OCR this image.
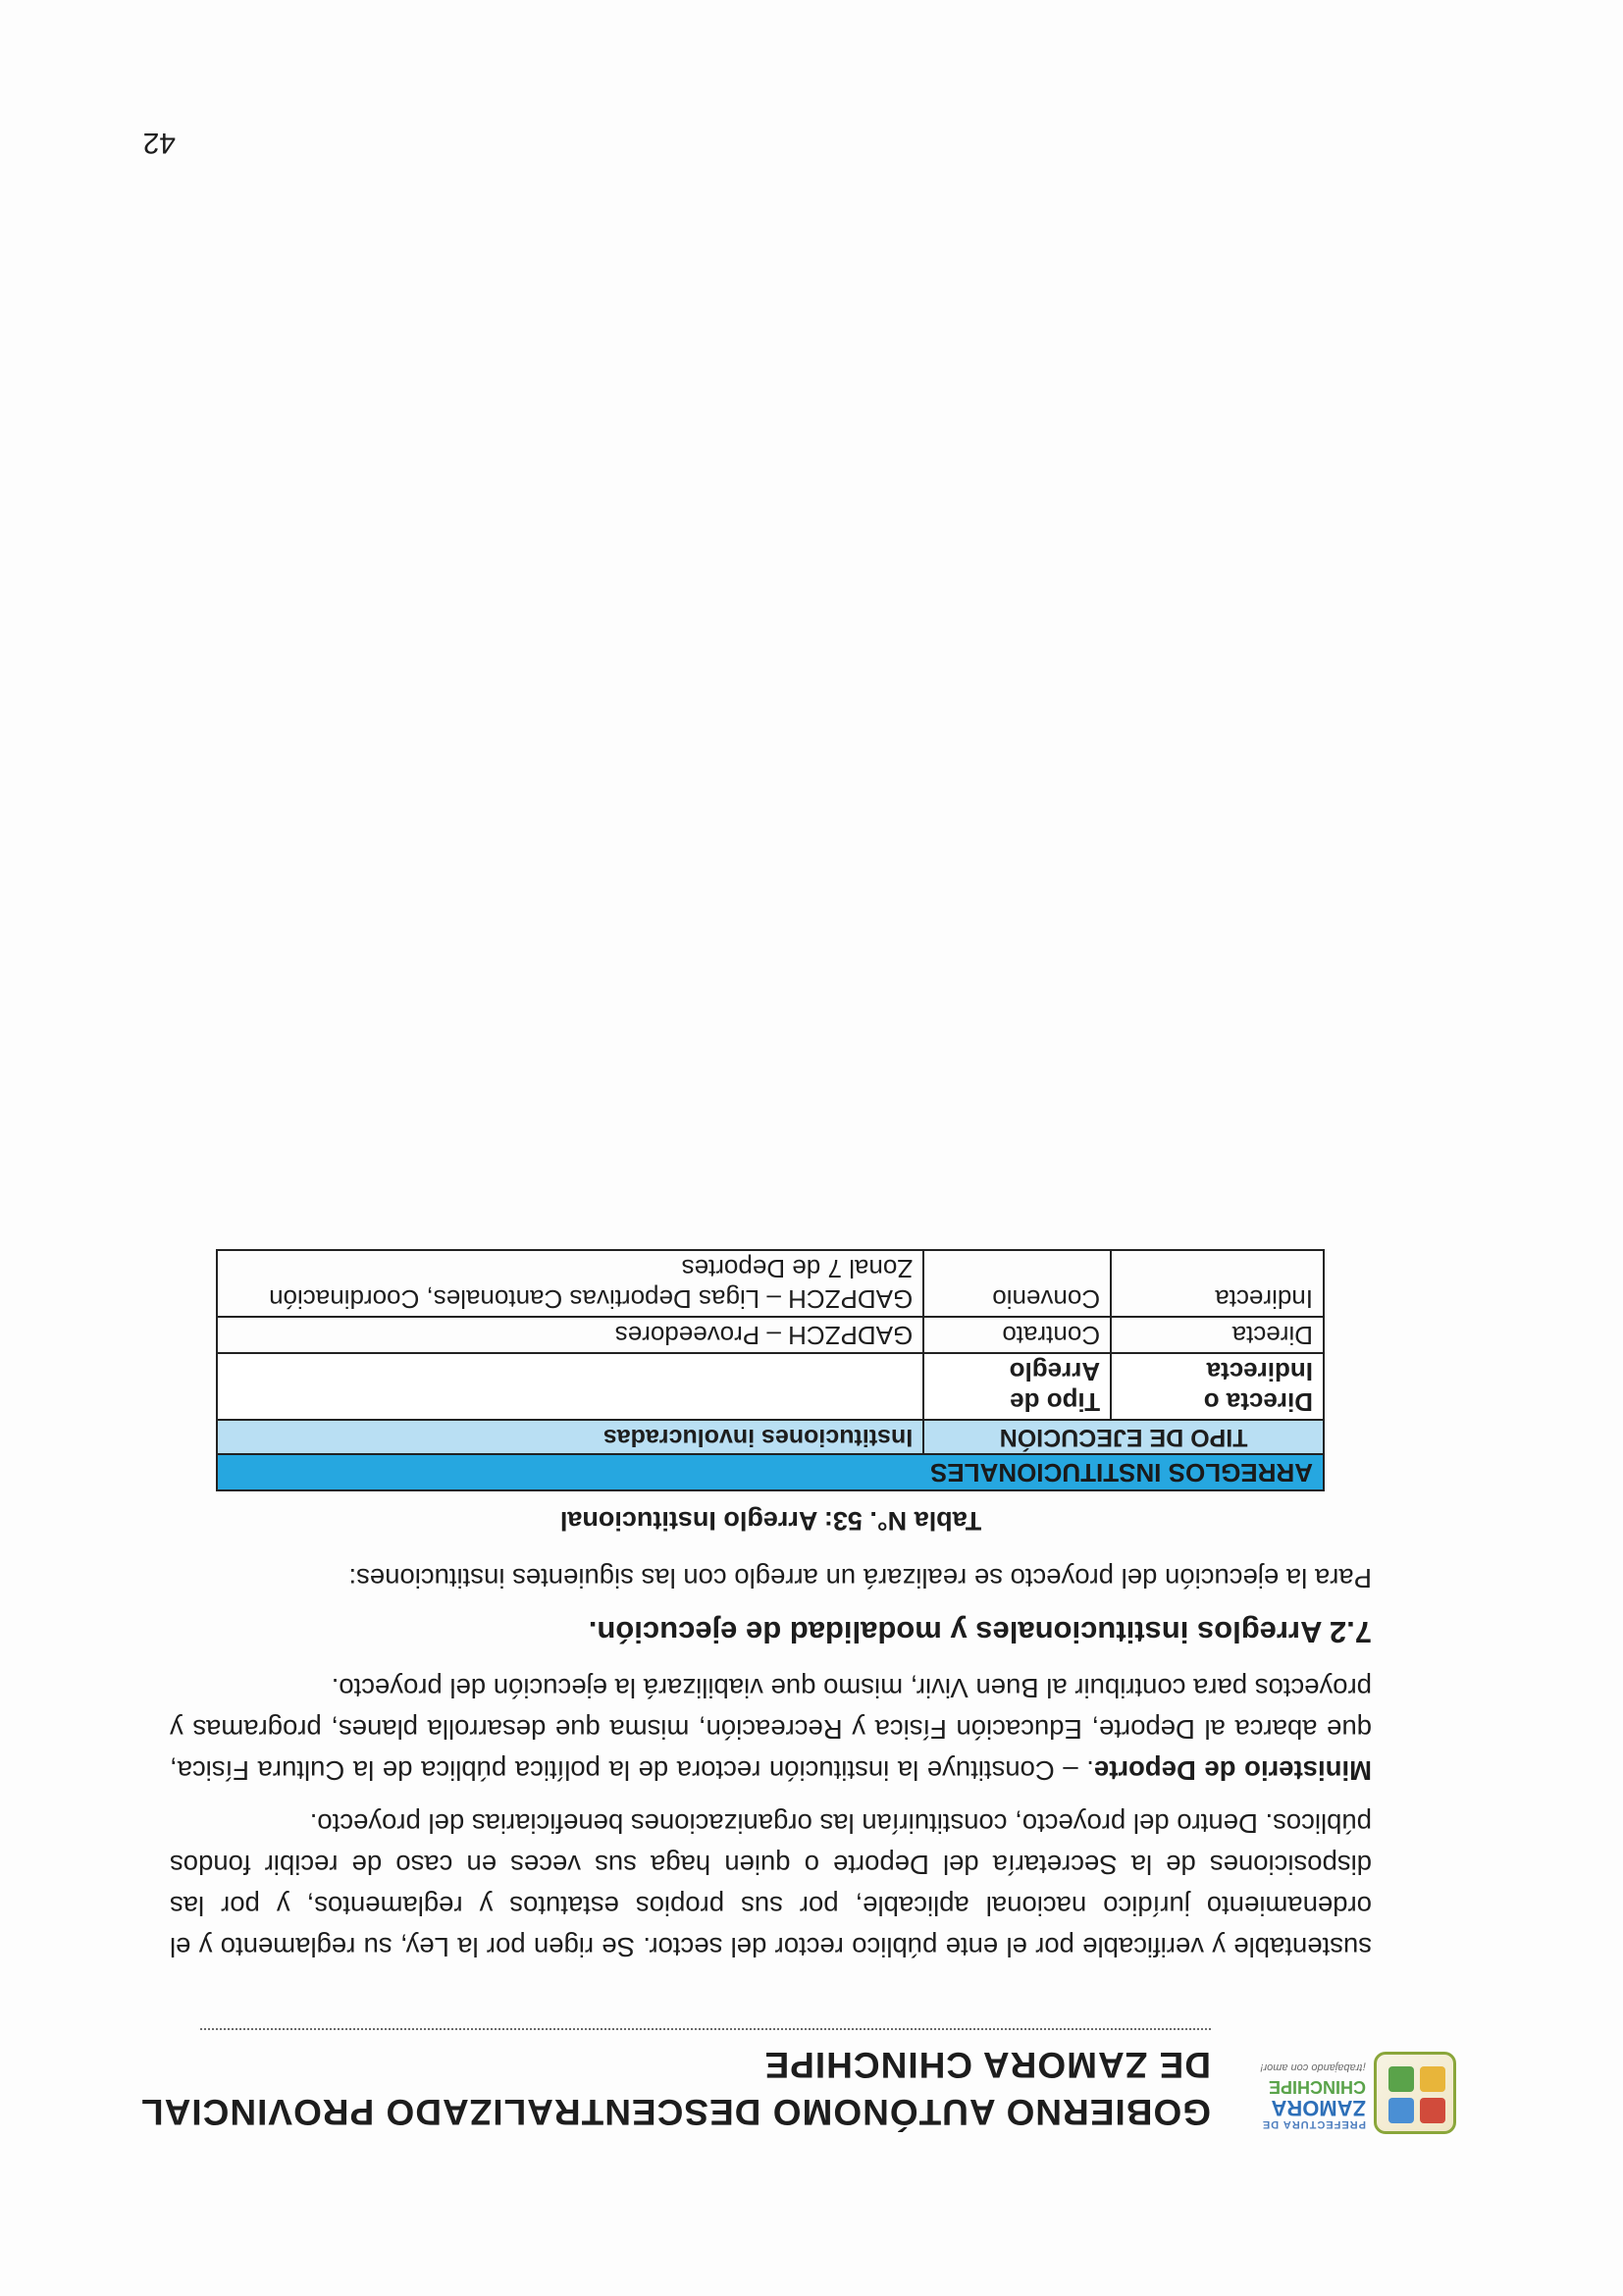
PREFECTURA DE
ZAMORA
CHINCHIPE
¡trabajando con amor!
GOBIERNO AUTÓNOMO DESCENTRALIZADO PROVINCIAL
DE ZAMORA CHINCHIPE

sustentable y verificable por el ente público rector del sector. Se rigen por la Ley, su reglamento y el ordenamiento jurídico nacional aplicable, por sus propios estatutos y reglamentos, y por las disposiciones de la Secretaría del Deporte o quien haga sus veces en caso de recibir fondos públicos. Dentro del proyecto, constituirían las organizaciones beneficiarias del proyecto.

Ministerio de Deporte. – Constituye la institución rectora de la política pública de la Cultura Física, que abarca al Deporte, Educación Física y Recreación, misma que desarrolla planes, programas y proyectos para contribuir al Buen Vivir, mismo que viabilizará la ejecución del proyecto.

7.2 Arreglos institucionales y modalidad de ejecución.

Para la ejecución del proyecto se realizará un arreglo con las siguientes instituciones:

Tabla N°. 53: Arreglo Institucional
ARREGLOS INSTITUCIONALES		
TIPO DE EJECUCIÓN		Instituciones involucradas
Directa o Indirecta	Tipo de Arreglo	
Directa	Contrato	GADPZCH – Proveedores
Indirecta	Convenio	GADPZCH – Ligas Deportivas Cantonales, Coordinación Zonal 7 de Deportes
42
